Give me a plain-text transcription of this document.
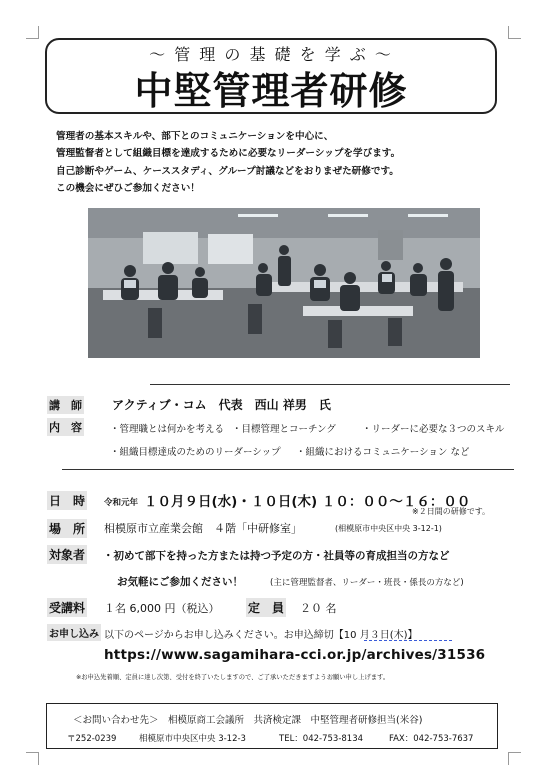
～ 管 理 の 基 礎 を 学 ぶ ～
中堅管理者研修
管理者の基本スキルや、部下とのコミュニケーションを中心に、
管理監督者として組織目標を達成するために必要なリーダーシップを学びます。
自己診断やゲーム、ケーススタディ、グループ討議などをおりまぜた研修です。
この機会にぜひご参加ください！
講　師	アクティブ・コム　代表　西山 祥男　氏
内　容	・管理職とは何かを考える ・目標管理とコーチング	・リーダーに必要な３つのスキル
・組織目標達成のためのリーダーシップ ・組織におけるコミュニケーション など
日　時 令和元年 １０月９日(水)・１０日(木) １０：００～１６：００
※２日間の研修です。
場　所 相模原市立産業会館　４階「中研修室」	(相模原市中央区中央 3-12-1)
対象者 ・初めて部下を持った方または持つ予定の方・社員等の育成担当の方など
お気軽にご参加ください！	(主に管理監督者、リーダー・班長・係長の方など)
受講料 １名 6,000 円（税込） 定　員 ２０ 名
お申し込み 以下のページからお申し込みください。お申込締切【10 月３日(木)】
https://www.sagamihara-cci.or.jp/archives/31536
※お申込先着順、定員に達し次第、受付を終了いたしますので、ご了承いただきますようお願い申し上げます。
＜お問い合わせ先＞　相模原商工会議所　共済検定課　中堅管理者研修担当(米谷)
〒252-0239	相模原市中央区中央 3-12-3	TEL：042-753-8134	FAX：042-753-7637
